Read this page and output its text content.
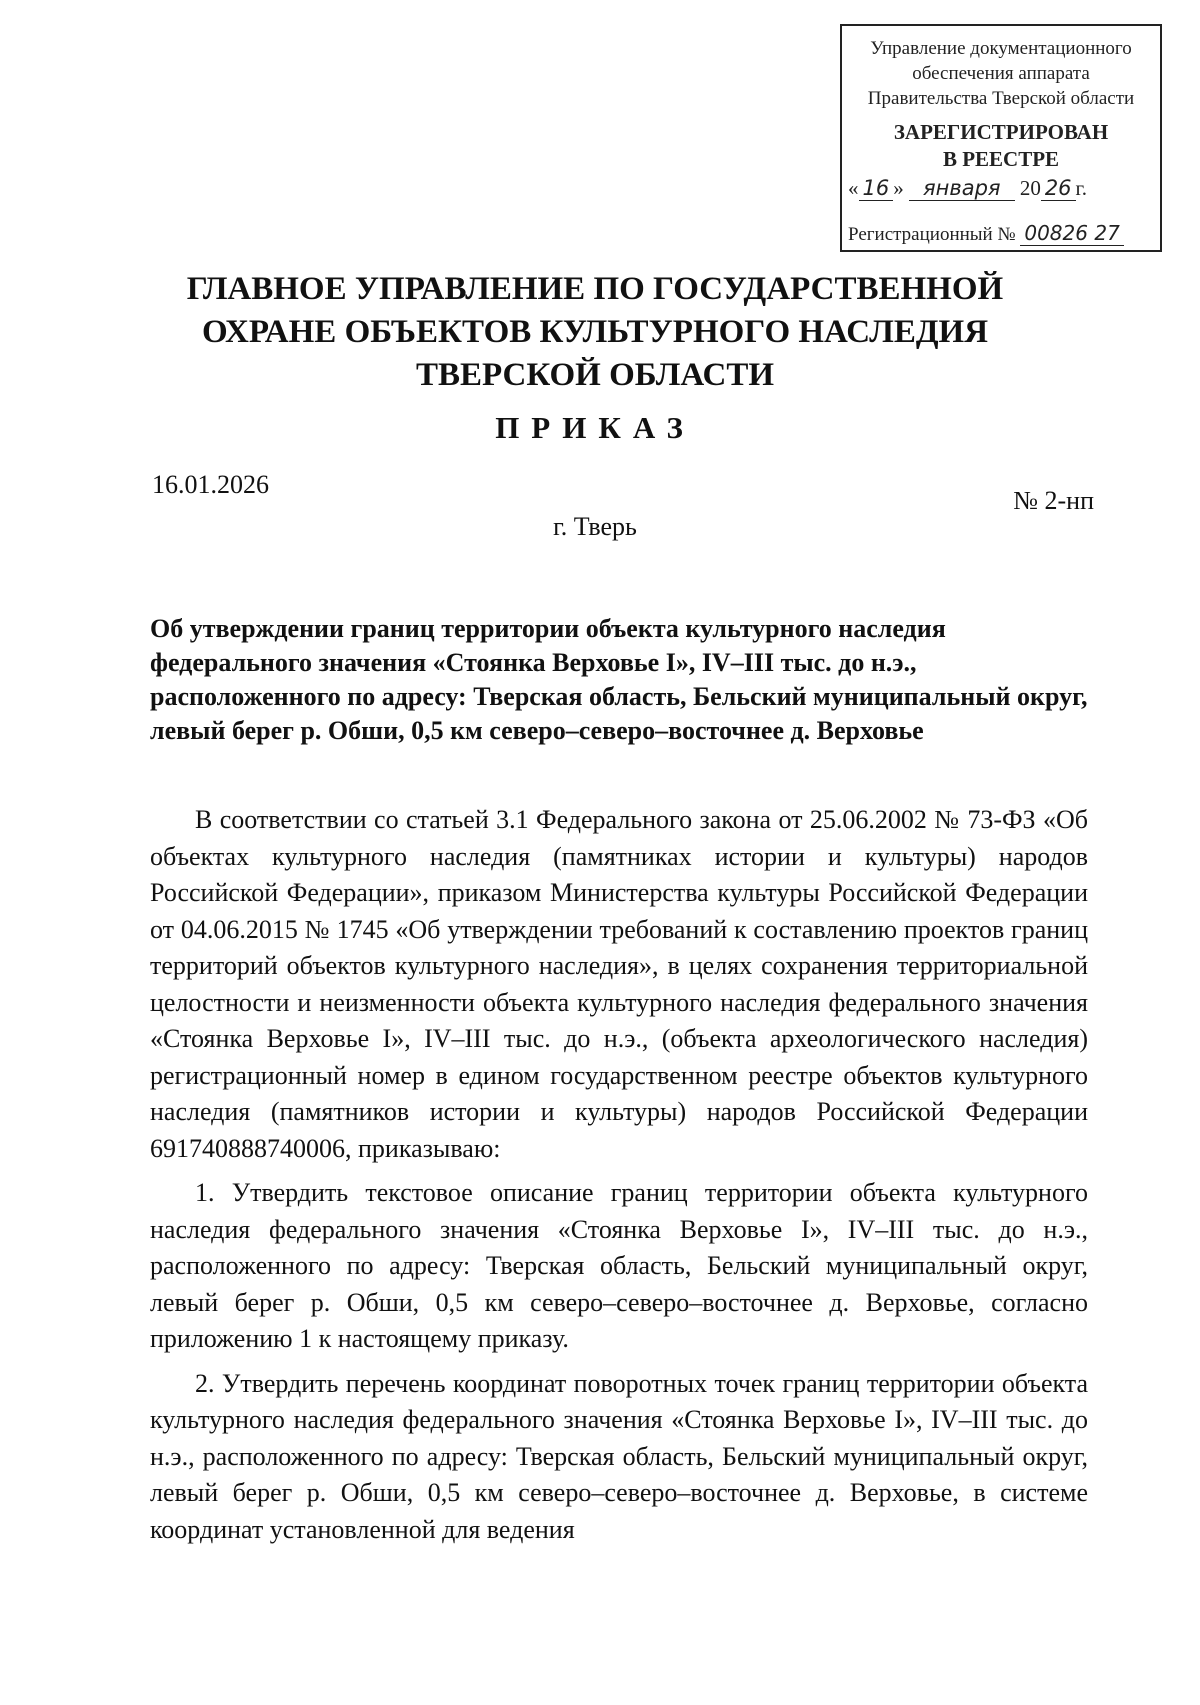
Управление документационного
обеспечения аппарата
Правительства Тверской области
ЗАРЕГИСТРИРОВАН
В РЕЕСТРЕ
« 16 » января 20 26 г.
Регистрационный № 00826 27
ГЛАВНОЕ УПРАВЛЕНИЕ ПО ГОСУДАРСТВЕННОЙ
ОХРАНЕ ОБЪЕКТОВ КУЛЬТУРНОГО НАСЛЕДИЯ
ТВЕРСКОЙ ОБЛАСТИ
ПРИКАЗ
16.01.2026
№ 2-нп
г. Тверь
Об утверждении границ территории объекта культурного наследия федерального значения «Стоянка Верховье I», IV–III тыс. до н.э., расположенного по адресу: Тверская область, Бельский муниципальный округ, левый берег р. Обши, 0,5 км северо–северо–восточнее д. Верховье

В соответствии со статьей 3.1 Федерального закона от 25.06.2002 № 73-ФЗ «Об объектах культурного наследия (памятниках истории и культуры) народов Российской Федерации», приказом Министерства культуры Российской Федерации от 04.06.2015 № 1745 «Об утверждении требований к составлению проектов границ территорий объектов культурного наследия», в целях сохранения территориальной целостности и неизменности объекта культурного наследия федерального значения «Стоянка Верховье I», IV–III тыс. до н.э., (объекта археологического наследия) регистрационный номер в едином государственном реестре объектов культурного наследия (памятников истории и культуры) народов Российской Федерации 691740888740006, приказываю:

1. Утвердить текстовое описание границ территории объекта культурного наследия федерального значения «Стоянка Верховье I», IV–III тыс. до н.э., расположенного по адресу: Тверская область, Бельский муниципальный округ, левый берег р. Обши, 0,5 км северо–северо–восточнее д. Верховье, согласно приложению 1 к настоящему приказу.

2. Утвердить перечень координат поворотных точек границ территории объекта культурного наследия федерального значения «Стоянка Верховье I», IV–III тыс. до н.э., расположенного по адресу: Тверская область, Бельский муниципальный округ, левый берег р. Обши, 0,5 км северо–северо–восточнее д. Верховье, в системе координат установленной для ведения
